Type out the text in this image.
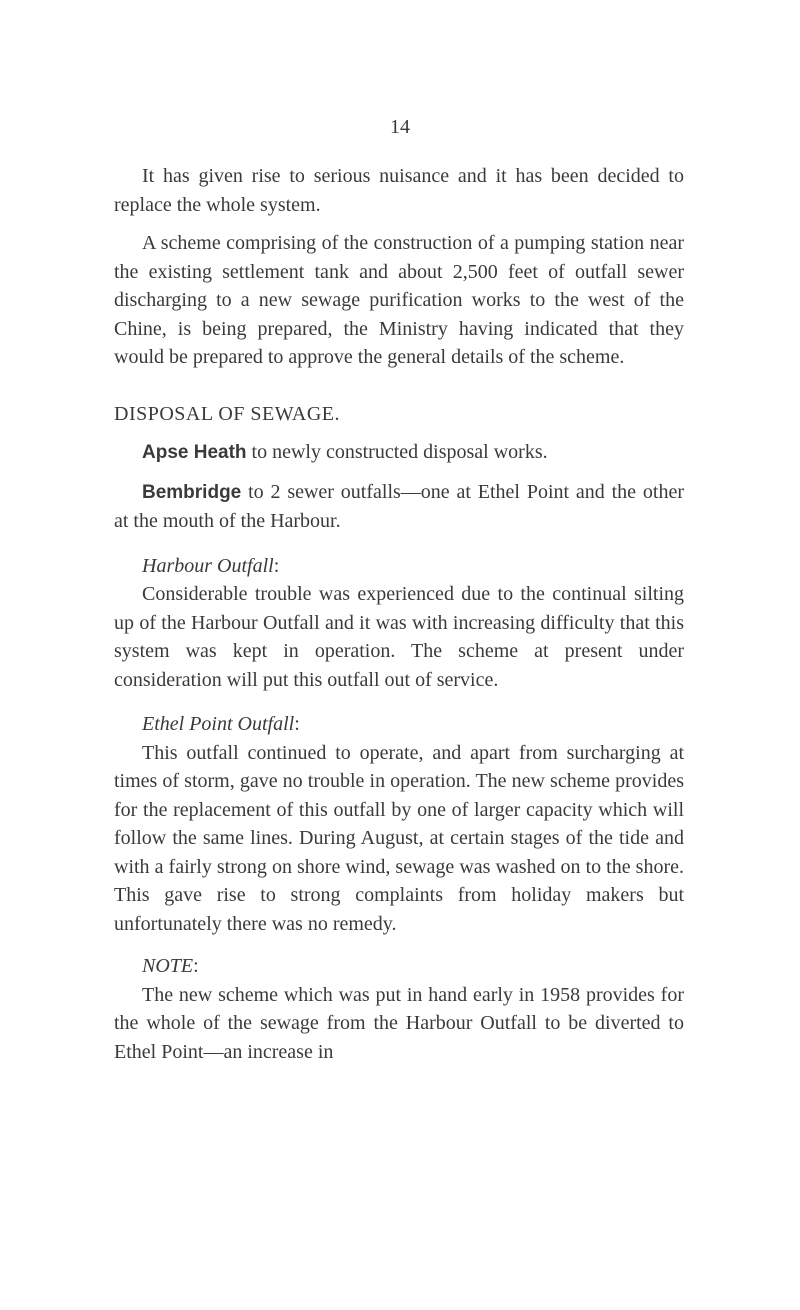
14

It has given rise to serious nuisance and it has been decided to replace the whole system.

A scheme comprising of the construction of a pumping station near the existing settlement tank and about 2,500 feet of outfall sewer discharging to a new sewage purification works to the west of the Chine, is being prepared, the Ministry having indicated that they would be prepared to approve the general details of the scheme.

DISPOSAL OF SEWAGE.

Apse Heath to newly constructed disposal works.

Bembridge to 2 sewer outfalls—one at Ethel Point and the other at the mouth of the Harbour.

Harbour Outfall:

Considerable trouble was experienced due to the continual silting up of the Harbour Outfall and it was with increasing difficulty that this system was kept in operation. The scheme at present under consideration will put this outfall out of service.

Ethel Point Outfall:

This outfall continued to operate, and apart from surcharging at times of storm, gave no trouble in operation. The new scheme provides for the replacement of this outfall by one of larger capacity which will follow the same lines. During August, at certain stages of the tide and with a fairly strong on shore wind, sewage was washed on to the shore. This gave rise to strong complaints from holiday makers but unfortunately there was no remedy.

NOTE:

The new scheme which was put in hand early in 1958 provides for the whole of the sewage from the Harbour Outfall to be diverted to Ethel Point—an increase in
